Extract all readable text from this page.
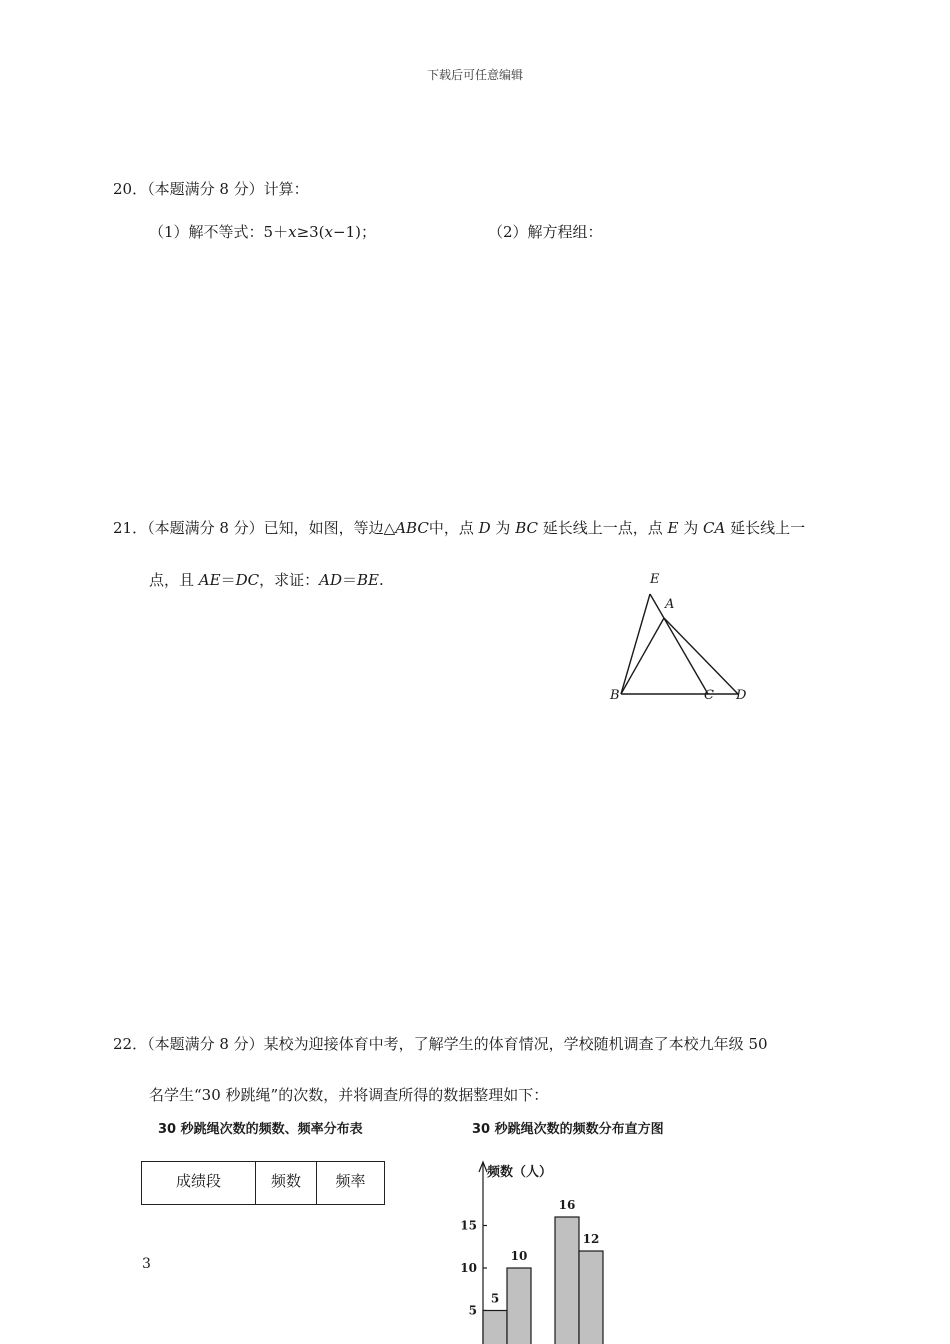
下载后可任意编辑
20．（本题满分 8 分）计算：
（1）解不等式：5＋x≥3(x−1)；	（2）解方程组：
21．（本题满分 8 分）已知，如图，等边△ABC中，点 D 为 BC 延长线上一点，点 E 为 CA 延长线上一
点，且 AE＝DC，求证：AD＝BE.	E
A
B	C D
22．（本题满分 8 分）某校为迎接体育中考，了解学生的体育情况，学校随机调查了本校九年级 50
名学生“30 秒跳绳”的次数，并将调查所得的数据整理如下：
30 秒跳绳次数的频数、频率分布表	30 秒跳绳次数的频数分布直方图
成绩段	频数	频率
5
10
15
5
10
16
12
频数（人）
3
